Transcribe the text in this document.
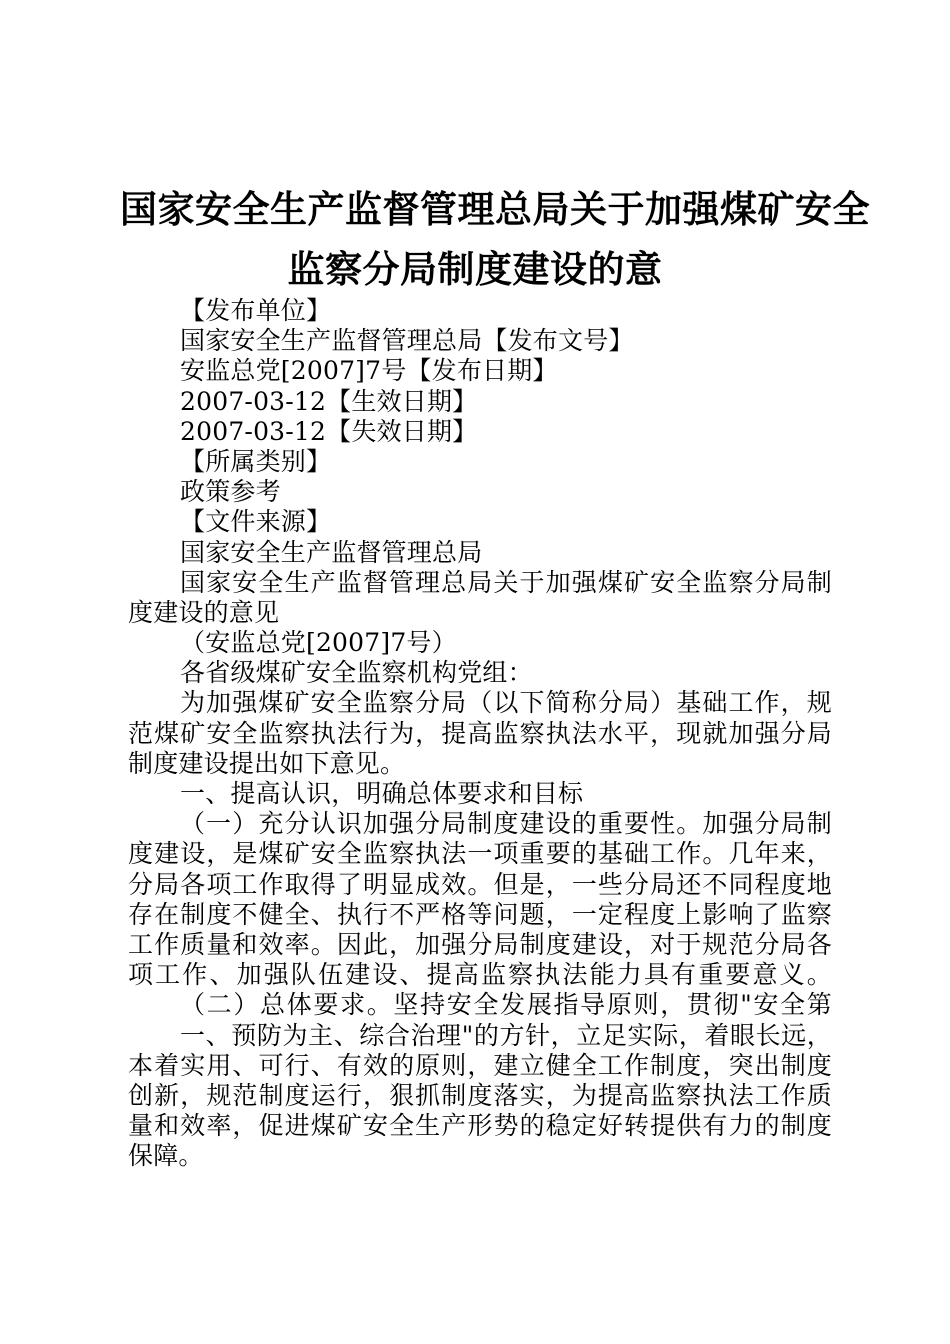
国家安全生产监督管理总局关于加强煤矿安全
监察分局制度建设的意
【发布单位】
国家安全生产监督管理总局【发布文号】
安监总党[2007]7号【发布日期】
2007-03-12【生效日期】
2007-03-12【失效日期】
【所属类别】
政策参考
【文件来源】
国家安全生产监督管理总局
国家安全生产监督管理总局关于加强煤矿安全监察分局制
度建设的意见
（安监总党[2007]7号）
各省级煤矿安全监察机构党组：
为加强煤矿安全监察分局（以下简称分局）基础工作，规
范煤矿安全监察执法行为，提高监察执法水平，现就加强分局
制度建设提出如下意见。
一、提高认识，明确总体要求和目标
（一）充分认识加强分局制度建设的重要性。加强分局制
度建设，是煤矿安全监察执法一项重要的基础工作。几年来，
分局各项工作取得了明显成效。但是，一些分局还不同程度地
存在制度不健全、执行不严格等问题，一定程度上影响了监察
工作质量和效率。因此，加强分局制度建设，对于规范分局各
项工作、加强队伍建设、提高监察执法能力具有重要意义。
（二）总体要求。坚持安全发展指导原则，贯彻"安全第
一、预防为主、综合治理"的方针，立足实际，着眼长远，
本着实用、可行、有效的原则，建立健全工作制度，突出制度
创新，规范制度运行，狠抓制度落实，为提高监察执法工作质
量和效率，促进煤矿安全生产形势的稳定好转提供有力的制度
保障。
